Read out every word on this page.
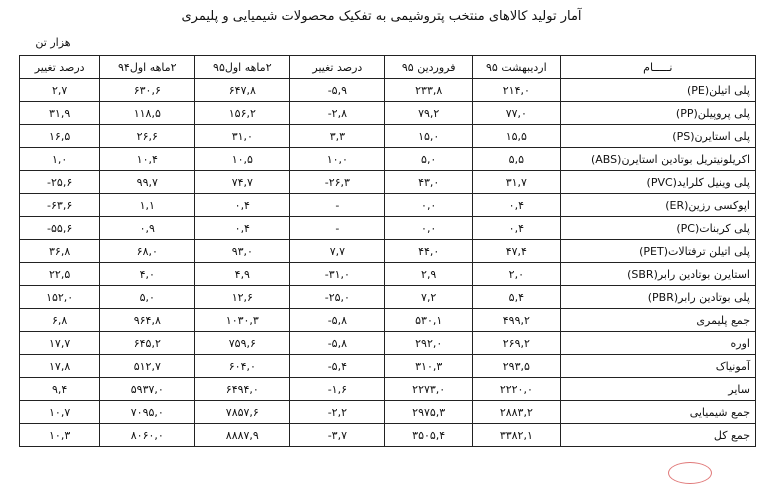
آمار تولید کالاهای منتخب پتروشیمی به تفکیک محصولات شیمیایی و پلیمری
هزار تن
نـــــام	اردیبهشت ۹۵	فروردین ۹۵	درصد تغییر	۲ماهه اول۹۵	۲ماهه اول۹۴	درصد تغییر
پلی اتیلن(PE)	۲۱۴,۰	۲۳۳,۸	-۵,۹	۶۴۷,۸	۶۳۰,۶	۲,۷
پلی پروپیلن(PP)	۷۷,۰	۷۹,۲	-۲,۸	۱۵۶,۲	۱۱۸,۵	۳۱,۹
پلی استایرن(PS)	۱۵,۵	۱۵,۰	۳,۳	۳۱,۰	۲۶,۶	۱۶,۵
اکریلونیتریل بوتادین استایرن(ABS)	۵,۵	۵,۰	۱۰,۰	۱۰,۵	۱۰,۴	۱,۰
پلی وینیل کلراید(PVC)	۳۱,۷	۴۳,۰	-۲۶,۳	۷۴,۷	۹۹,۷	-۲۵,۶
اپوکسی رزین(ER)	۰,۴	۰,۰	-	۰,۴	۱,۱	-۶۳,۶
پلی کربنات(PC)	۰,۴	۰,۰	-	۰,۴	۰,۹	-۵۵,۶
پلی اتیلن ترفتالات(PET)	۴۷,۴	۴۴,۰	۷,۷	۹۳,۰	۶۸,۰	۳۶,۸
استایرن بوتادین رابر(SBR)	۲,۰	۲,۹	-۳۱,۰	۴,۹	۴,۰	۲۲,۵
پلی بوتادین رابر(PBR)	۵,۴	۷,۲	-۲۵,۰	۱۲,۶	۵,۰	۱۵۲,۰
جمع پلیمری	۴۹۹,۲	۵۳۰,۱	-۵,۸	۱۰۳۰,۳	۹۶۴,۸	۶,۸
اوره	۲۶۹,۲	۲۹۲,۰	-۵,۸	۷۵۹,۶	۶۴۵,۲	۱۷,۷
آمونیاک	۲۹۳,۵	۳۱۰,۳	-۵,۴	۶۰۴,۰	۵۱۲,۷	۱۷,۸
سایر	۲۲۲۰,۰	۲۲۷۳,۰	-۱,۶	۶۴۹۴,۰	۵۹۳۷,۰	۹,۴
جمع شیمیایی	۲۸۸۳,۲	۲۹۷۵,۳	-۲,۲	۷۸۵۷,۶	۷۰۹۵,۰	۱۰,۷
جمع کل	۳۳۸۲,۱	۳۵۰۵,۴	-۳,۷	۸۸۸۷,۹	۸۰۶۰,۰	۱۰,۳
